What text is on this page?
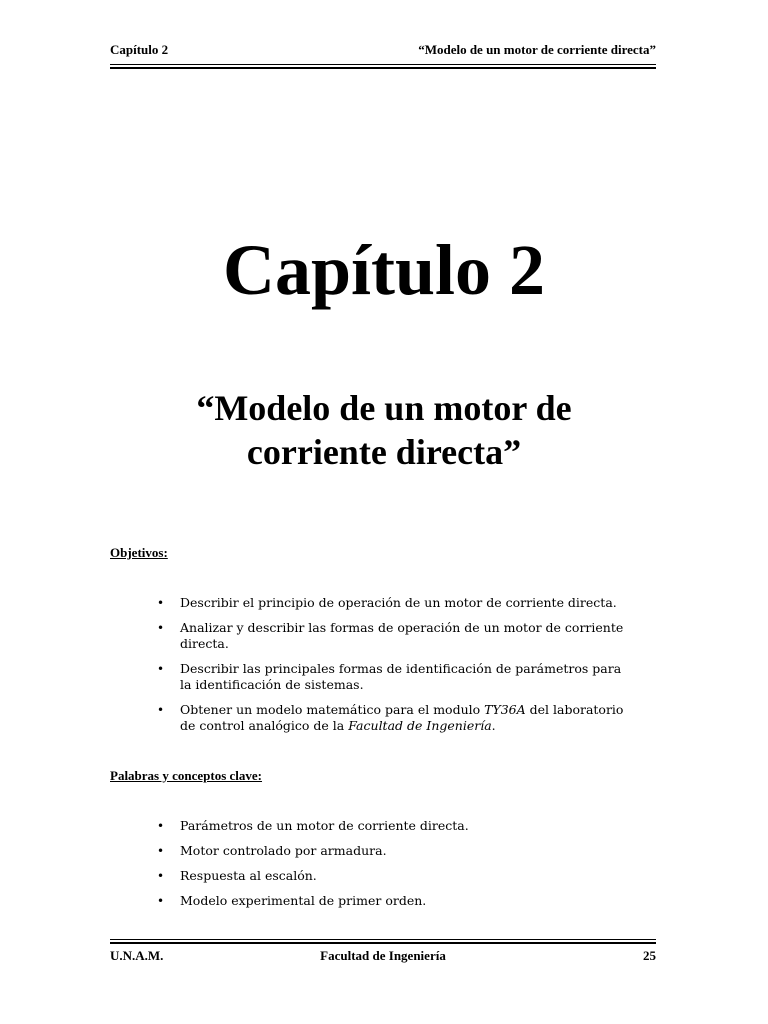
Capítulo 2	“Modelo de un motor de corriente directa”
Capítulo 2
“Modelo de un motor de
corriente directa”
Objetivos:
• Describir el principio de operación de un motor de corriente directa.
• Analizar y describir las formas de operación de un motor de corriente directa.
• Describir las principales formas de identificación de parámetros para la identificación de sistemas.
• Obtener un modelo matemático para el modulo TY36A del laboratorio de control analógico de la Facultad de Ingeniería.
Palabras y conceptos clave:
• Parámetros de un motor de corriente directa.
• Motor controlado por armadura.
• Respuesta al escalón.
• Modelo experimental de primer orden.
U.N.A.M.	Facultad de Ingeniería	25
